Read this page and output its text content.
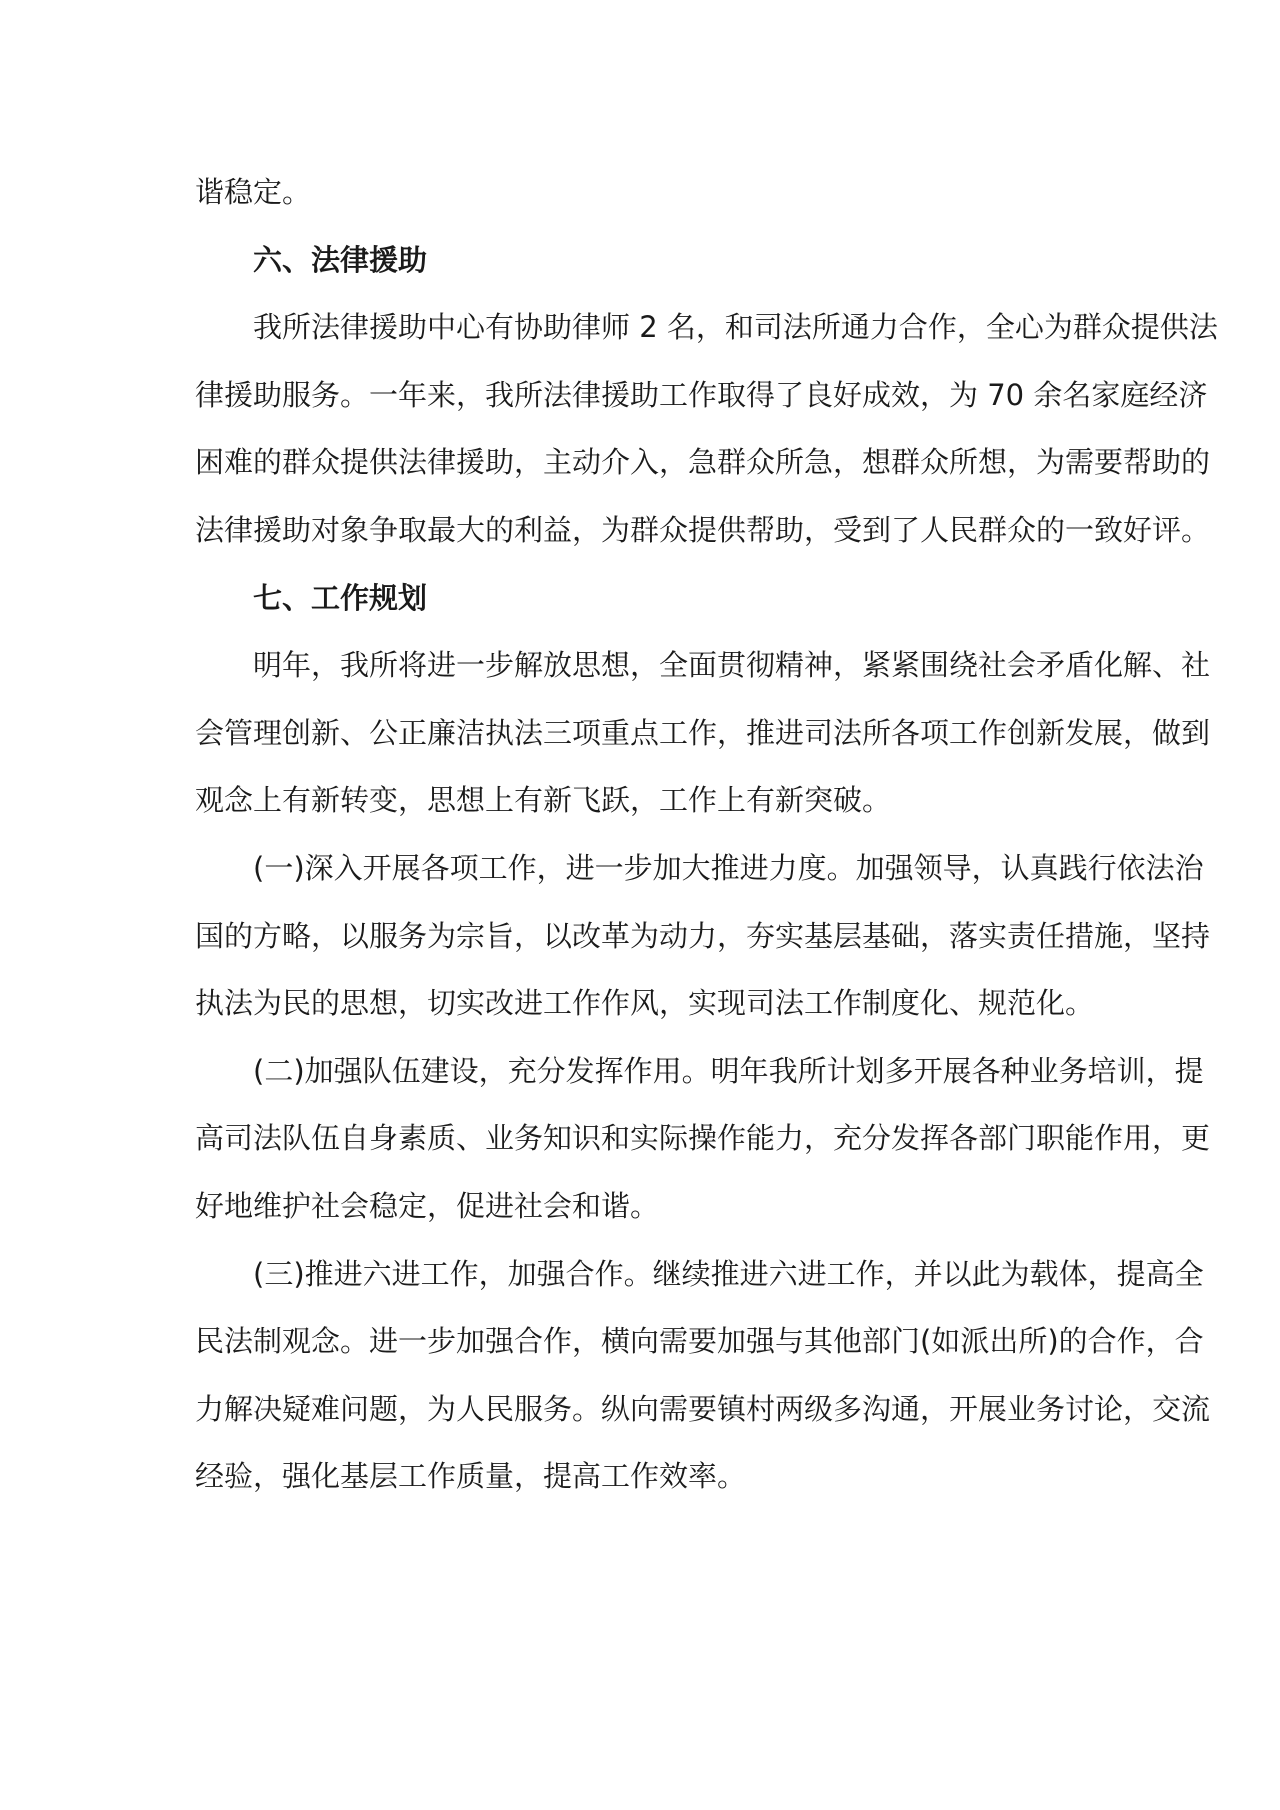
谐稳定。
六、法律援助
我所法律援助中心有协助律师 2 名，和司法所通力合作，全心为群众提供法
律援助服务。一年来，我所法律援助工作取得了良好成效，为 70 余名家庭经济
困难的群众提供法律援助，主动介入，急群众所急，想群众所想，为需要帮助的
法律援助对象争取最大的利益，为群众提供帮助，受到了人民群众的一致好评。
七、工作规划
明年，我所将进一步解放思想，全面贯彻精神，紧紧围绕社会矛盾化解、社
会管理创新、公正廉洁执法三项重点工作，推进司法所各项工作创新发展，做到
观念上有新转变，思想上有新飞跃，工作上有新突破。
(一)深入开展各项工作，进一步加大推进力度。加强领导，认真践行依法治
国的方略，以服务为宗旨，以改革为动力，夯实基层基础，落实责任措施，坚持
执法为民的思想，切实改进工作作风，实现司法工作制度化、规范化。
(二)加强队伍建设，充分发挥作用。明年我所计划多开展各种业务培训，提
高司法队伍自身素质、业务知识和实际操作能力，充分发挥各部门职能作用，更
好地维护社会稳定，促进社会和谐。
(三)推进六进工作，加强合作。继续推进六进工作，并以此为载体，提高全
民法制观念。进一步加强合作，横向需要加强与其他部门(如派出所)的合作，合
力解决疑难问题，为人民服务。纵向需要镇村两级多沟通，开展业务讨论，交流
经验，强化基层工作质量，提高工作效率。
